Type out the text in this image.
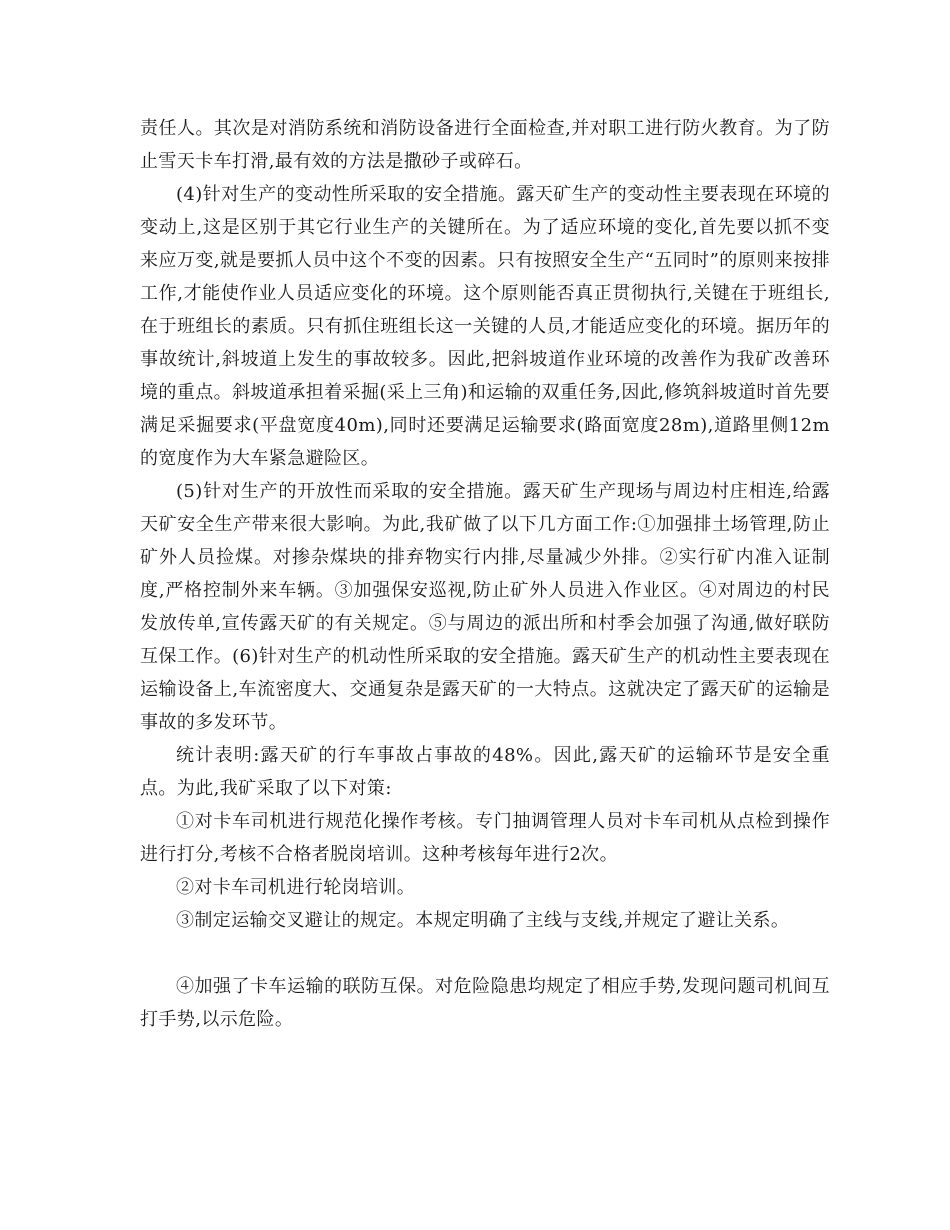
责任人。其次是对消防系统和消防设备进行全面检查,并对职工进行防火教育。为了防止雪天卡车打滑,最有效的方法是撒砂子或碎石。

(4)针对生产的变动性所采取的安全措施。露天矿生产的变动性主要表现在环境的变动上,这是区别于其它行业生产的关键所在。为了适应环境的变化,首先要以抓不变来应万变,就是要抓人员中这个不变的因素。只有按照安全生产“五同时”的原则来按排工作,才能使作业人员适应变化的环境。这个原则能否真正贯彻执行,关键在于班组长,在于班组长的素质。只有抓住班组长这一关键的人员,才能适应变化的环境。据历年的事故统计,斜坡道上发生的事故较多。因此,把斜坡道作业环境的改善作为我矿改善环境的重点。斜坡道承担着采掘(采上三角)和运输的双重任务,因此,修筑斜坡道时首先要满足采掘要求(平盘宽度40m),同时还要满足运输要求(路面宽度28m),道路里侧12m的宽度作为大车紧急避险区。

(5)针对生产的开放性而采取的安全措施。露天矿生产现场与周边村庄相连,给露天矿安全生产带来很大影响。为此,我矿做了以下几方面工作:①加强排土场管理,防止矿外人员捡煤。对掺杂煤块的排弃物实行内排,尽量减少外排。②实行矿内准入证制度,严格控制外来车辆。③加强保安巡视,防止矿外人员进入作业区。④对周边的村民发放传单,宣传露天矿的有关规定。⑤与周边的派出所和村季会加强了沟通,做好联防互保工作。(6)针对生产的机动性所采取的安全措施。露天矿生产的机动性主要表现在运输设备上,车流密度大、交通复杂是露天矿的一大特点。这就决定了露天矿的运输是事故的多发环节。

统计表明:露天矿的行车事故占事故的48%。因此,露天矿的运输环节是安全重点。为此,我矿采取了以下对策:

①对卡车司机进行规范化操作考核。专门抽调管理人员对卡车司机从点检到操作进行打分,考核不合格者脱岗培训。这种考核每年进行2次。

②对卡车司机进行轮岗培训。

③制定运输交叉避让的规定。本规定明确了主线与支线,并规定了避让关系。

④加强了卡车运输的联防互保。对危险隐患均规定了相应手势,发现问题司机间互打手势,以示危险。
